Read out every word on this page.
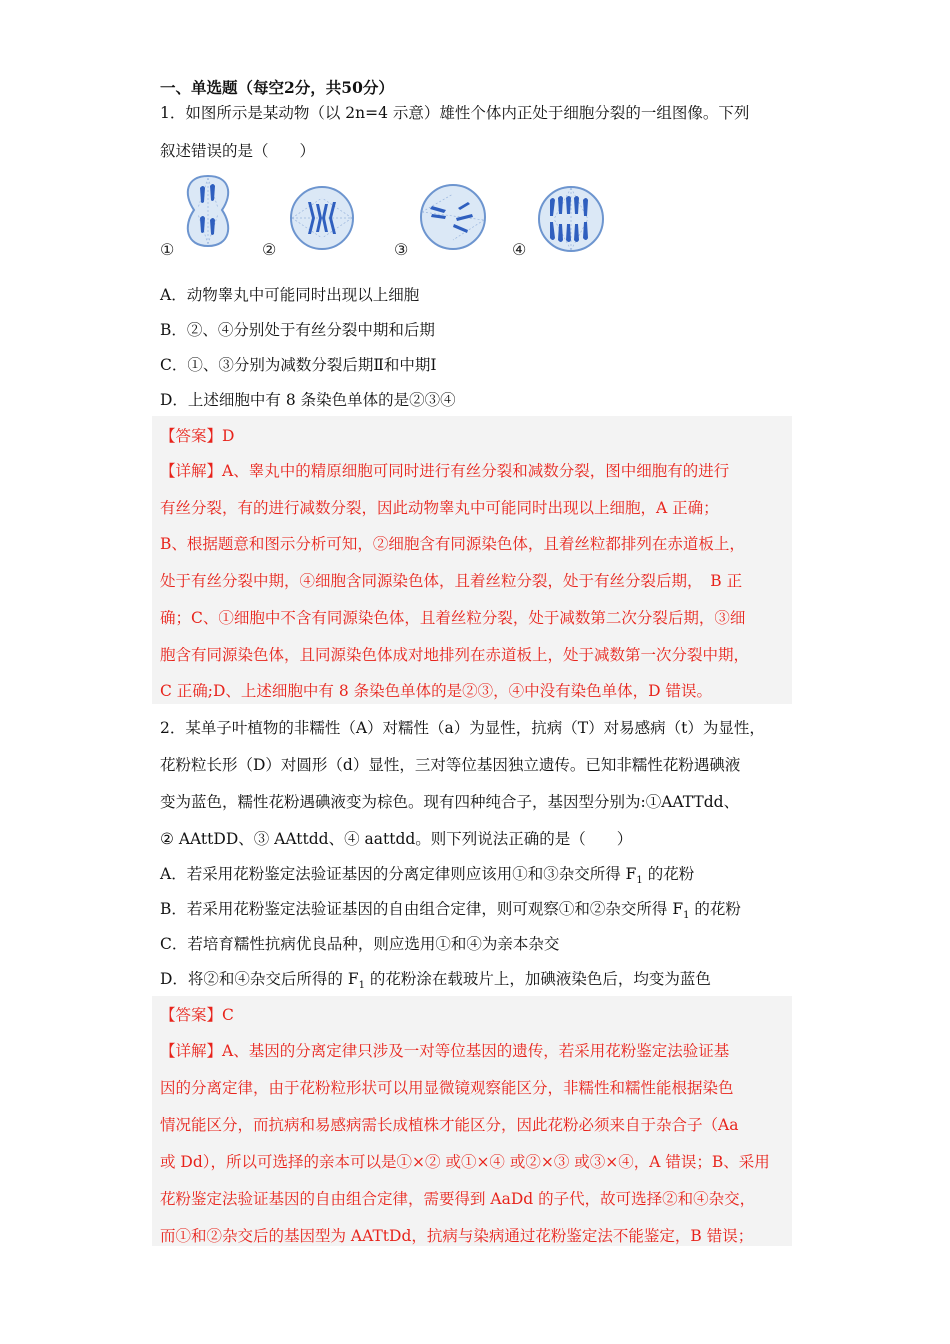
一、单选题（每空2分，共50分）
1．如图所示是某动物（以 2n=4 示意）雄性个体内正处于细胞分裂的一组图像。下列
叙述错误的是（　　）
①	②	③	④
A．动物睾丸中可能同时出现以上细胞
B．②、④分别处于有丝分裂中期和后期
C．①、③分别为减数分裂后期Ⅱ和中期Ⅰ
D．上述细胞中有 8 条染色单体的是②③④
【答案】D
【详解】A、睾丸中的精原细胞可同时进行有丝分裂和减数分裂，图中细胞有的进行
有丝分裂，有的进行减数分裂，因此动物睾丸中可能同时出现以上细胞，A 正确；
B、根据题意和图示分析可知，②细胞含有同源染色体，且着丝粒都排列在赤道板上，
处于有丝分裂中期，④细胞含同源染色体，且着丝粒分裂，处于有丝分裂后期，　B 正
确；C、①细胞中不含有同源染色体，且着丝粒分裂，处于减数第二次分裂后期，③细
胞含有同源染色体，且同源染色体成对地排列在赤道板上，处于减数第一次分裂中期，
C 正确;D、上述细胞中有 8 条染色单体的是②③，④中没有染色单体，D 错误。
2．某单子叶植物的非糯性（A）对糯性（a）为显性，抗病（T）对易感病（t）为显性，
花粉粒长形（D）对圆形（d）显性，三对等位基因独立遗传。已知非糯性花粉遇碘液
变为蓝色，糯性花粉遇碘液变为棕色。现有四种纯合子，基因型分别为:①AATTdd、
② AAttDD、③ AAttdd、④ aattdd。则下列说法正确的是（　　）
A．若采用花粉鉴定法验证基因的分离定律则应该用①和③杂交所得 $F_1$ 的花粉
B．若采用花粉鉴定法验证基因的自由组合定律，则可观察①和②杂交所得 $F_1$ 的花粉
C．若培育糯性抗病优良品种，则应选用①和④为亲本杂交
D．将②和④杂交后所得的 $F_1$ 的花粉涂在载玻片上，加碘液染色后，均变为蓝色
【答案】C
【详解】A、基因的分离定律只涉及一对等位基因的遗传，若采用花粉鉴定法验证基
因的分离定律，由于花粉粒形状可以用显微镜观察能区分，非糯性和糯性能根据染色
情况能区分，而抗病和易感病需长成植株才能区分，因此花粉必须来自于杂合子（Aa
或 Dd），所以可选择的亲本可以是①×② 或①×④ 或②×③ 或③×④，A 错误；B、采用
花粉鉴定法验证基因的自由组合定律，需要得到 AaDd 的子代，故可选择②和④杂交，
而①和②杂交后的基因型为 AATtDd，抗病与染病通过花粉鉴定法不能鉴定，B 错误；
